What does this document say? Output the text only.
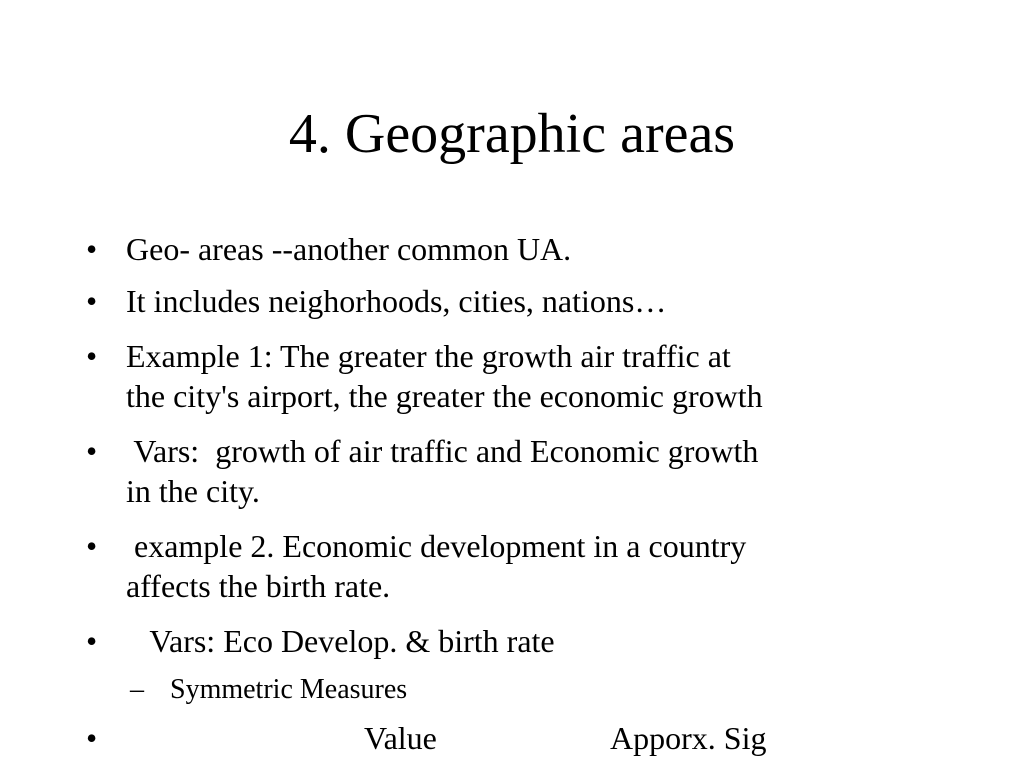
4. Geographic areas
• Geo- areas --another common UA.
• It includes neighorhoods, cities, nations…
• Example 1: The greater the growth air traffic at
the city's airport, the greater the economic growth
• Vars:  growth of air traffic and Economic growth
in the city.
• example 2. Economic development in a country
affects the birth rate.
• Vars: Eco Develop. & birth rate
– Symmetric Measures
•	Value	Apporx. Sig
